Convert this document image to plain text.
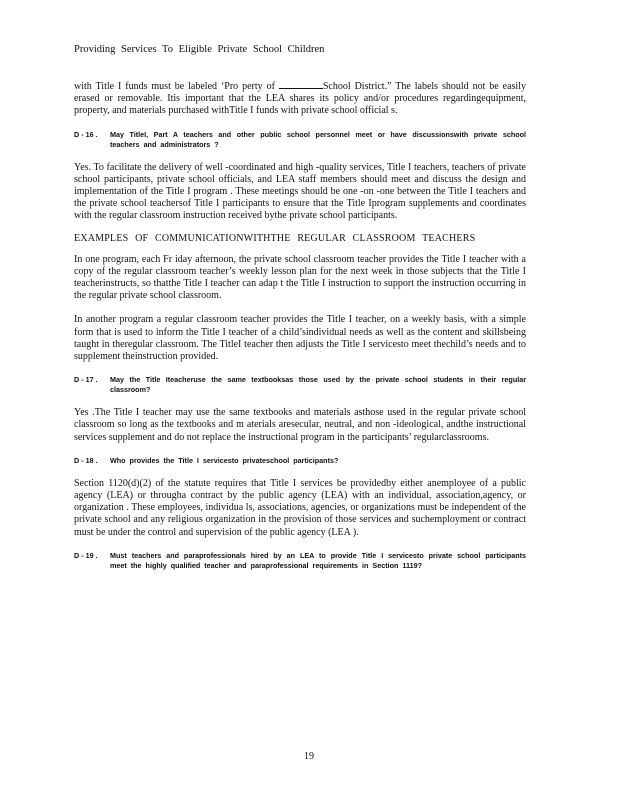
Providing Services To Eligible Private School Children

with Title I funds must be labeled ‘Pro perty of	School District.” The labels should not be easily erased or removable. Itis important that the LEA shares its policy and/or procedures regardingequipment, property, and materials purchased withTitle I funds with private school official s.

D - 16 .	May TitleI, Part A teachers and other public school personnel meet or have discussionswith private school teachers and administrators ?

Yes. To facilitate the delivery of well -coordinated and high -quality services, Title I teachers, teachers of private school participants, private school officials, and LEA staff members should meet and discuss the design and implementation of the Title I program . These meetings should be one -on -one between the Title I teachers and the private school teachersof Title I participants to ensure that the Title Iprogram supplements and coordinates with the regular classroom instruction received bythe private school participants.

EXAMPLES OF COMMUNICATIONWITHTHE REGULAR CLASSROOM TEACHERS

In one program, each Fr iday afternoon, the private school classroom teacher provides the Title I teacher with a copy of the regular classroom teacher’s weekly lesson plan for the next week in those subjects that the Title I teacherinstructs, so thatthe Title I teacher can adap t the Title I instruction to support the instruction occurring in the regular private school classroom.

In another program a regular classroom teacher provides the Title I teacher, on a weekly basis, with a simple form that is used to inform the Title I teacher of a child’sindividual needs as well as the content and skillsbeing taught in theregular classroom. The TitleI teacher then adjusts the Title I servicesto meet thechild’s needs and to supplement theinstruction provided.

D - 17 .	May the Title Iteacheruse the same textbooksas those used by the private school students in their regular classroom?

Yes .The Title I teacher may use the same textbooks and materials asthose used in the regular private school classroom so long as the textbooks and m aterials aresecular, neutral, and non -ideological, andthe instructional services supplement and do not replace the instructional program in the participants’ regularclassrooms.

D - 18 .	Who provides the Title I servicesto privateschool participants?

Section 1120(d)(2) of the statute requires that Title I services be providedby either anemployee of a public agency (LEA) or througha contract by the public agency (LEA) with an individual, association,agency, or organization . These employees, individua ls, associations, agencies, or organizations must be independent of the private school and any religious organization in the provision of those services and suchemployment or contract must be under the control and supervision of the public agency (LEA ).

D - 19 .	Must teachers and paraprofessionals hired by an LEA to provide Title I servicesto private school participants meet the highly qualified teacher and paraprofessional requirements in Section 1119?
19
